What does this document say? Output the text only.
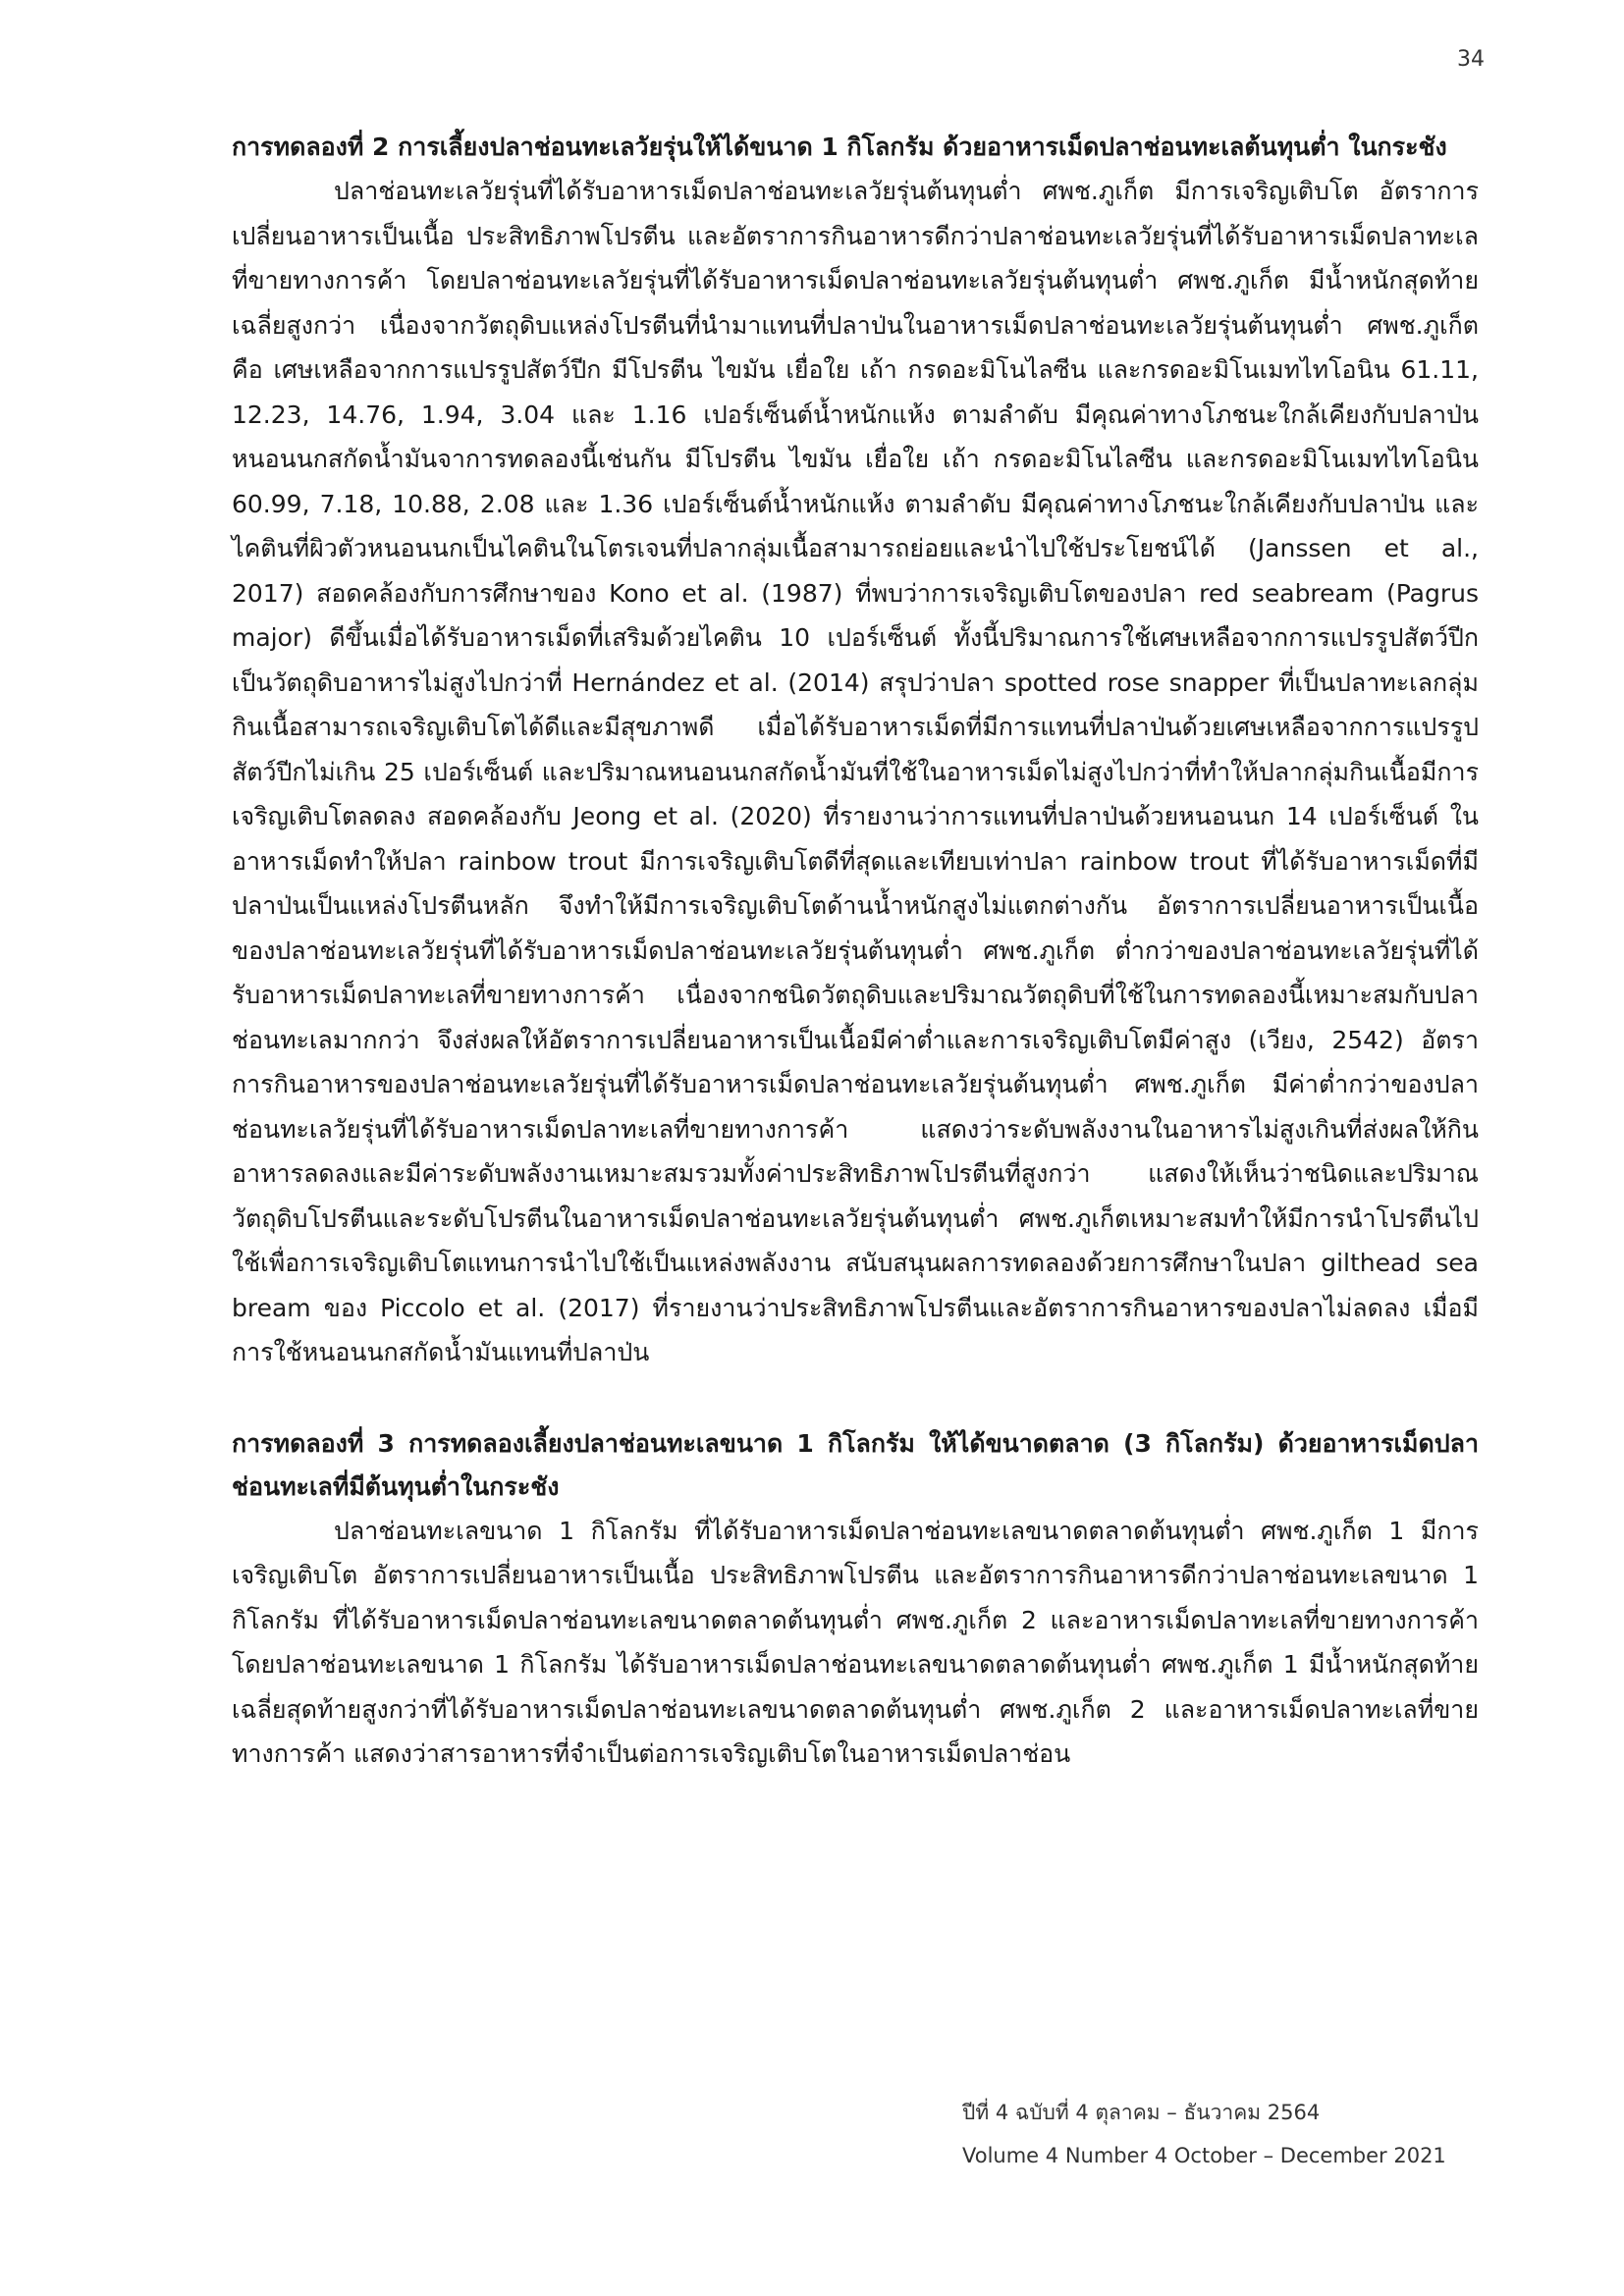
34
การทดลองที่ 2 การเลี้ยงปลาช่อนทะเลวัยรุ่นให้ได้ขนาด 1 กิโลกรัม ด้วยอาหารเม็ดปลาช่อนทะเลต้นทุนต่ำ ในกระชัง

ปลาช่อนทะเลวัยรุ่นที่ได้รับอาหารเม็ดปลาช่อนทะเลวัยรุ่นต้นทุนต่ำ ศพช.ภูเก็ต มีการเจริญเติบโต อัตราการเปลี่ยนอาหารเป็นเนื้อ ประสิทธิภาพโปรตีน และอัตราการกินอาหารดีกว่าปลาช่อนทะเลวัยรุ่นที่ได้รับอาหารเม็ดปลาทะเลที่ขายทางการค้า โดยปลาช่อนทะเลวัยรุ่นที่ได้รับอาหารเม็ดปลาช่อนทะเลวัยรุ่นต้นทุนต่ำ ศพช.ภูเก็ต มีน้ำหนักสุดท้ายเฉลี่ยสูงกว่า เนื่องจากวัตถุดิบแหล่งโปรตีนที่นำมาแทนที่ปลาป่นในอาหารเม็ดปลาช่อนทะเลวัยรุ่นต้นทุนต่ำ ศพช.ภูเก็ต คือ เศษเหลือจากการแปรรูปสัตว์ปีก มีโปรตีน ไขมัน เยื่อใย เถ้า กรดอะมิโนไลซีน และกรดอะมิโนเมทไทโอนิน 61.11, 12.23, 14.76, 1.94, 3.04 และ 1.16 เปอร์เซ็นต์น้ำหนักแห้ง ตามลำดับ มีคุณค่าทางโภชนะใกล้เคียงกับปลาป่น หนอนนกสกัดน้ำมันจาการทดลองนี้เช่นกัน มีโปรตีน ไขมัน เยื่อใย เถ้า กรดอะมิโนไลซีน และกรดอะมิโนเมทไทโอนิน 60.99, 7.18, 10.88, 2.08 และ 1.36 เปอร์เซ็นต์น้ำหนักแห้ง ตามลำดับ มีคุณค่าทางโภชนะใกล้เคียงกับปลาป่น และไคตินที่ผิวตัวหนอนนกเป็นไคตินในโตรเจนที่ปลากลุ่มเนื้อสามารถย่อยและนำไปใช้ประโยชน์ได้ (Janssen et al., 2017) สอดคล้องกับการศึกษาของ Kono et al. (1987) ที่พบว่าการเจริญเติบโตของปลา red seabream (Pagrus major) ดีขึ้นเมื่อได้รับอาหารเม็ดที่เสริมด้วยไคติน 10 เปอร์เซ็นต์ ทั้งนี้ปริมาณการใช้เศษเหลือจากการแปรรูปสัตว์ปีกเป็นวัตถุดิบอาหารไม่สูงไปกว่าที่ Hernández et al. (2014) สรุปว่าปลา spotted rose snapper ที่เป็นปลาทะเลกลุ่มกินเนื้อสามารถเจริญเติบโตได้ดีและมีสุขภาพดี เมื่อได้รับอาหารเม็ดที่มีการแทนที่ปลาป่นด้วยเศษเหลือจากการแปรรูปสัตว์ปีกไม่เกิน 25 เปอร์เซ็นต์ และปริมาณหนอนนกสกัดน้ำมันที่ใช้ในอาหารเม็ดไม่สูงไปกว่าที่ทำให้ปลากลุ่มกินเนื้อมีการเจริญเติบโตลดลง สอดคล้องกับ Jeong et al. (2020) ที่รายงานว่าการแทนที่ปลาป่นด้วยหนอนนก 14 เปอร์เซ็นต์ ในอาหารเม็ดทำให้ปลา rainbow trout มีการเจริญเติบโตดีที่สุดและเทียบเท่าปลา rainbow trout ที่ได้รับอาหารเม็ดที่มีปลาป่นเป็นแหล่งโปรตีนหลัก จึงทำให้มีการเจริญเติบโตด้านน้ำหนักสูงไม่แตกต่างกัน อัตราการเปลี่ยนอาหารเป็นเนื้อของปลาช่อนทะเลวัยรุ่นที่ได้รับอาหารเม็ดปลาช่อนทะเลวัยรุ่นต้นทุนต่ำ ศพช.ภูเก็ต ต่ำกว่าของปลาช่อนทะเลวัยรุ่นที่ได้รับอาหารเม็ดปลาทะเลที่ขายทางการค้า เนื่องจากชนิดวัตถุดิบและปริมาณวัตถุดิบที่ใช้ในการทดลองนี้เหมาะสมกับปลาช่อนทะเลมากกว่า จึงส่งผลให้อัตราการเปลี่ยนอาหารเป็นเนื้อมีค่าต่ำและการเจริญเติบโตมีค่าสูง (เวียง, 2542) อัตราการกินอาหารของปลาช่อนทะเลวัยรุ่นที่ได้รับอาหารเม็ดปลาช่อนทะเลวัยรุ่นต้นทุนต่ำ ศพช.ภูเก็ต มีค่าต่ำกว่าของปลาช่อนทะเลวัยรุ่นที่ได้รับอาหารเม็ดปลาทะเลที่ขายทางการค้า แสดงว่าระดับพลังงานในอาหารไม่สูงเกินที่ส่งผลให้กินอาหารลดลงและมีค่าระดับพลังงานเหมาะสมรวมทั้งค่าประสิทธิภาพโปรตีนที่สูงกว่า แสดงให้เห็นว่าชนิดและปริมาณวัตถุดิบโปรตีนและระดับโปรตีนในอาหารเม็ดปลาช่อนทะเลวัยรุ่นต้นทุนต่ำ ศพช.ภูเก็ตเหมาะสมทำให้มีการนำโปรตีนไปใช้เพื่อการเจริญเติบโตแทนการนำไปใช้เป็นแหล่งพลังงาน สนับสนุนผลการทดลองด้วยการศึกษาในปลา gilthead sea bream ของ Piccolo et al. (2017) ที่รายงานว่าประสิทธิภาพโปรตีนและอัตราการกินอาหารของปลาไม่ลดลง เมื่อมีการใช้หนอนนกสกัดน้ำมันแทนที่ปลาป่น

การทดลองที่ 3 การทดลองเลี้ยงปลาช่อนทะเลขนาด 1 กิโลกรัม ให้ได้ขนาดตลาด (3 กิโลกรัม) ด้วยอาหารเม็ดปลาช่อนทะเลที่มีต้นทุนต่ำในกระชัง

ปลาช่อนทะเลขนาด 1 กิโลกรัม ที่ได้รับอาหารเม็ดปลาช่อนทะเลขนาดตลาดต้นทุนต่ำ ศพช.ภูเก็ต 1 มีการเจริญเติบโต อัตราการเปลี่ยนอาหารเป็นเนื้อ ประสิทธิภาพโปรตีน และอัตราการกินอาหารดีกว่าปลาช่อนทะเลขนาด 1 กิโลกรัม ที่ได้รับอาหารเม็ดปลาช่อนทะเลขนาดตลาดต้นทุนต่ำ ศพช.ภูเก็ต 2 และอาหารเม็ดปลาทะเลที่ขายทางการค้า โดยปลาช่อนทะเลขนาด 1 กิโลกรัม ได้รับอาหารเม็ดปลาช่อนทะเลขนาดตลาดต้นทุนต่ำ ศพช.ภูเก็ต 1 มีน้ำหนักสุดท้ายเฉลี่ยสุดท้ายสูงกว่าที่ได้รับอาหารเม็ดปลาช่อนทะเลขนาดตลาดต้นทุนต่ำ ศพช.ภูเก็ต 2 และอาหารเม็ดปลาทะเลที่ขายทางการค้า แสดงว่าสารอาหารที่จำเป็นต่อการเจริญเติบโตในอาหารเม็ดปลาช่อน

ปีที่ 4 ฉบับที่ 4 ตุลาคม – ธันวาคม 2564
Volume 4 Number 4 October – December 2021
